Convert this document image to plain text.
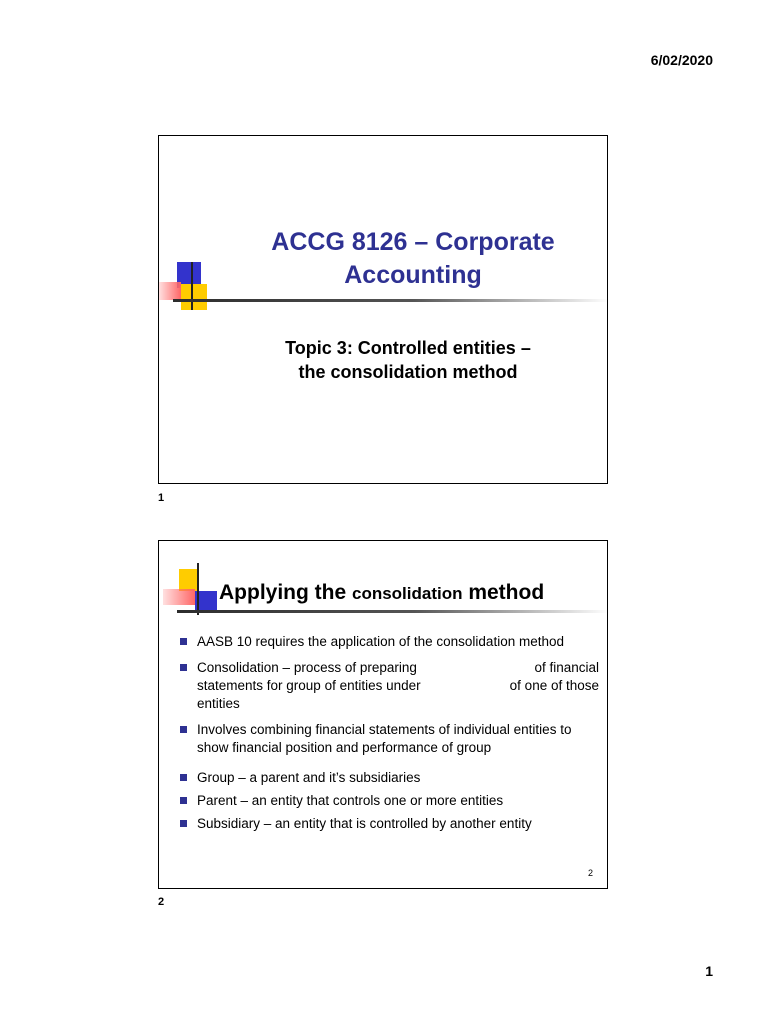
6/02/2020
ACCG 8126 – Corporate
Accounting
Topic 3: Controlled entities –
the consolidation method
1
Applying the consolidation method
AASB 10 requires the application of the consolidation method
Consolidation – process of preparing	of financial
statements for group of entities under	of one of those
entities
Involves combining financial statements of individual entities to show financial position and performance of group
Group – a parent and it’s subsidiaries
Parent – an entity that controls one or more entities
Subsidiary – an entity that is controlled by another entity
2
2
1
